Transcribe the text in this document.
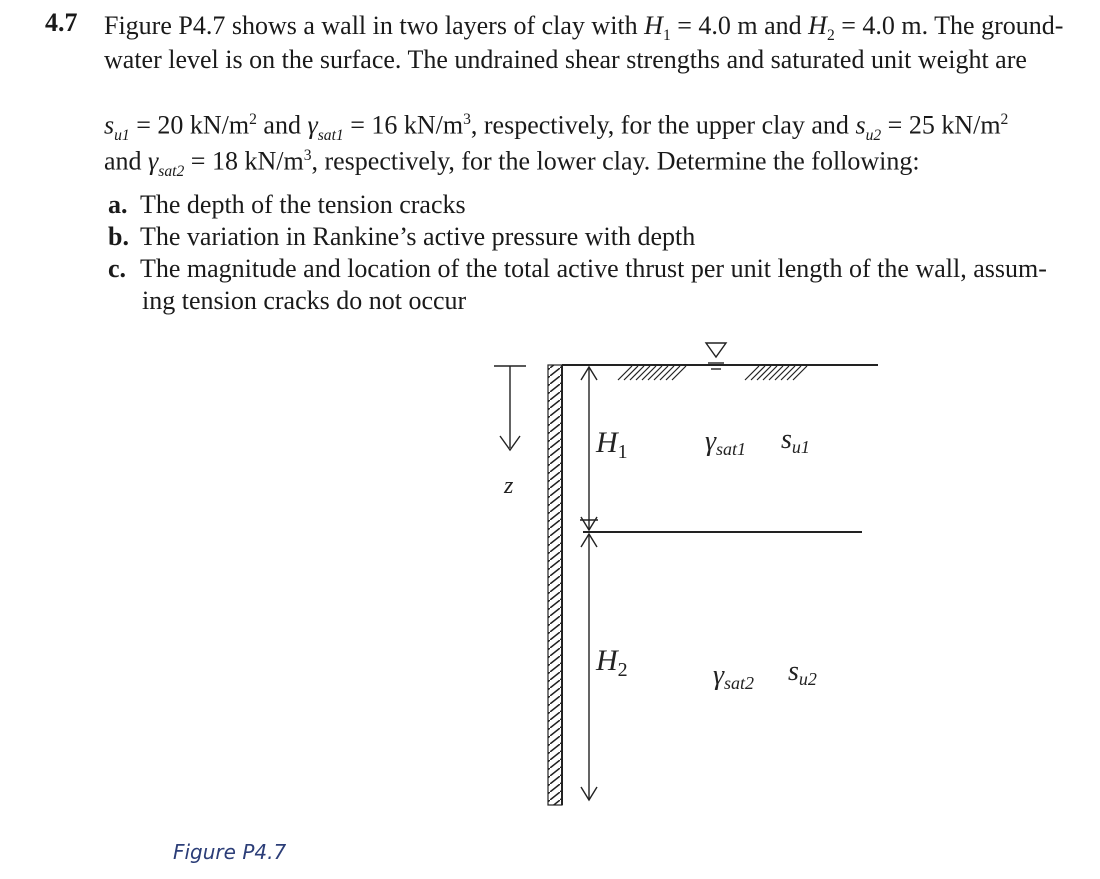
4.7 Figure P4.7 shows a wall in two layers of clay with $H_1 = 4.0$ m and $H_2 = 4.0$ m. The ground-
water level is on the surface. The undrained shear strengths and saturated unit weight are
$s_{u1} = 20$ $kN/m^2$ and $\gamma_{sat1} = 16$ $kN/m^3$, respectively, for the upper clay and $s_{u2} = 25$ $kN/m^2$
and $\gamma_{sat2} = 18$ $kN/m^3$, respectively, for the lower clay. Determine the following:
a. The depth of the tension cracks
b. The variation in Rankine’s active pressure with depth
c. The magnitude and location of the total active thrust per unit length of the wall, assum-
ing tension cracks do not occur
z
$H_1$
$H_2$
γsat1 su1
γsat2 su2
Figure P4.7
